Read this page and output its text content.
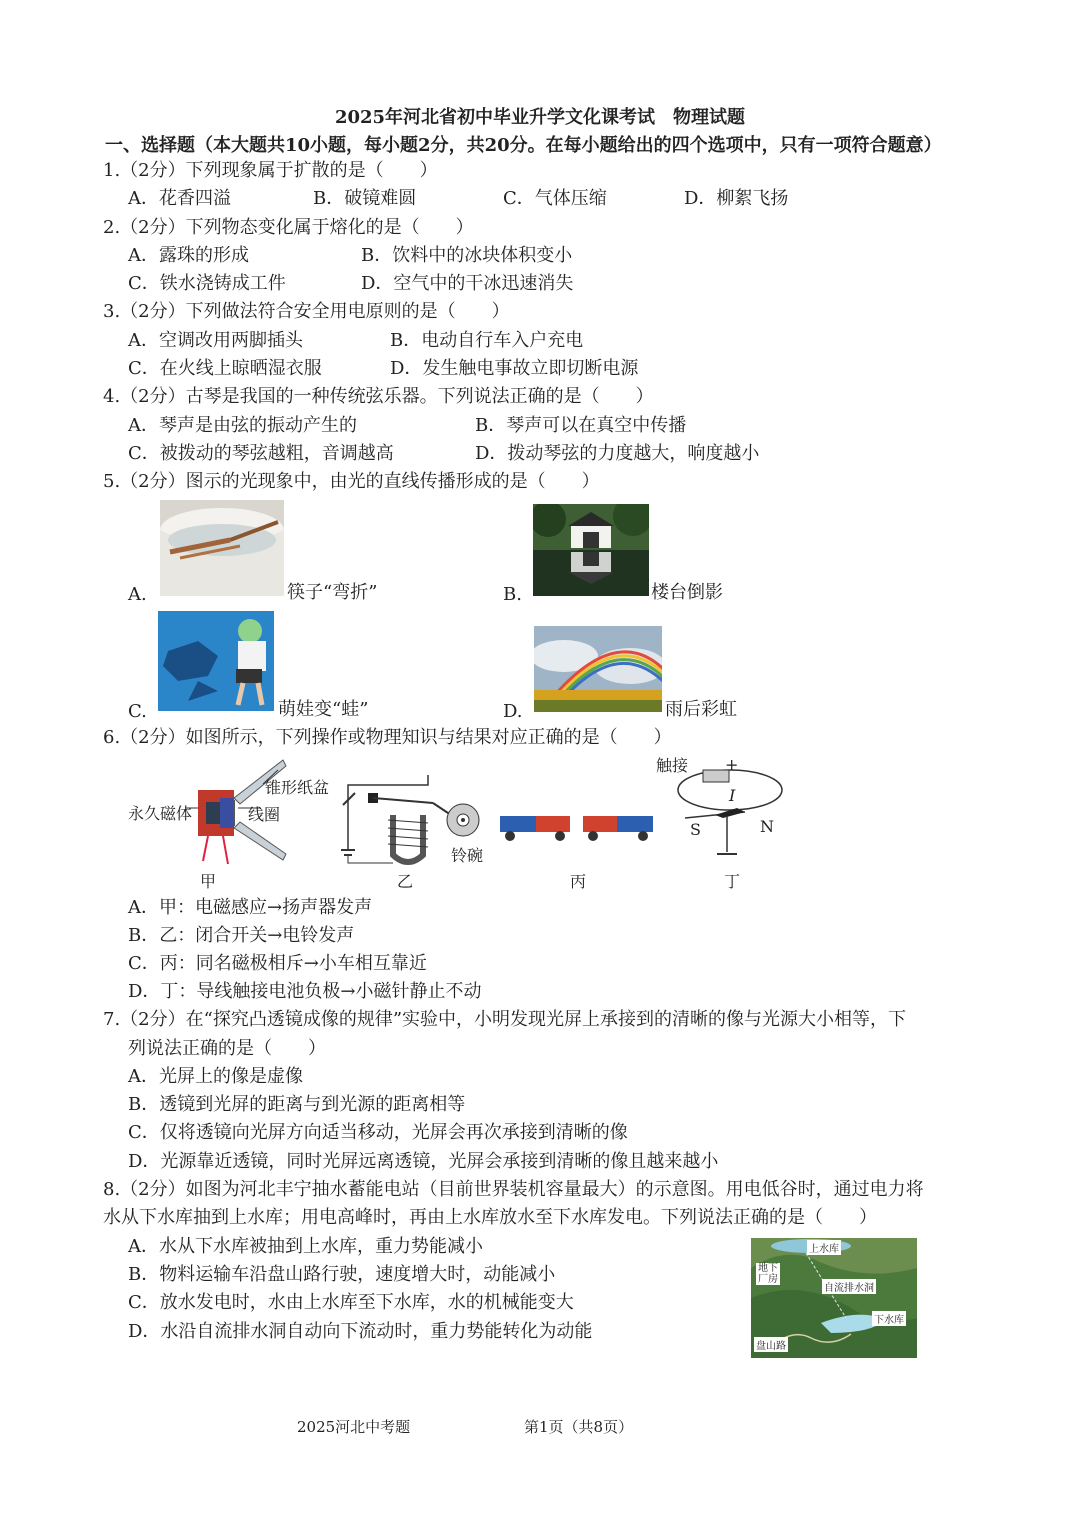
2025年河北省初中毕业升学文化课考试　物理试题
一、选择题（本大题共10小题，每小题2分，共20分。在每小题给出的四个选项中，只有一项符合题意）
1.（2分）下列现象属于扩散的是（　　）
A．花香四溢	B．破镜难圆	C．气体压缩	D．柳絮飞扬
2.（2分）下列物态变化属于熔化的是（　　）
A．露珠的形成	B．饮料中的冰块体积变小
C．铁水浇铸成工件	D．空气中的干冰迅速消失
3.（2分）下列做法符合安全用电原则的是（　　）
A．空调改用两脚插头	B．电动自行车入户充电
C．在火线上晾晒湿衣服	D．发生触电事故立即切断电源
4.（2分）古琴是我国的一种传统弦乐器。下列说法正确的是（　　）
A．琴声是由弦的振动产生的	B．琴声可以在真空中传播
C．被拨动的琴弦越粗，音调越高	D．拨动琴弦的力度越大，响度越小
5.（2分）图示的光现象中，由光的直线传播形成的是（　　）
A.	筷子“弯折”	B.	楼台倒影
C.	萌娃变“蛙”	D.	雨后彩虹
6.（2分）如图所示，下列操作或物理知识与结果对应正确的是（　　）
永久磁体
锥形纸盆
线圈
甲
铃碗
乙	丙
触接 +
I
S	N
丁
A．甲：电磁感应→扬声器发声
B．乙：闭合开关→电铃发声
C．丙：同名磁极相斥→小车相互靠近
D．丁：导线触接电池负极→小磁针静止不动
7.（2分）在“探究凸透镜成像的规律”实验中，小明发现光屏上承接到的清晰的像与光源大小相等，下
列说法正确的是（　　）
A．光屏上的像是虚像
B．透镜到光屏的距离与到光源的距离相等
C．仅将透镜向光屏方向适当移动，光屏会再次承接到清晰的像
D．光源靠近透镜，同时光屏远离透镜，光屏会承接到清晰的像且越来越小
8.（2分）如图为河北丰宁抽水蓄能电站（目前世界装机容量最大）的示意图。用电低谷时，通过电力将
水从下水库抽到上水库；用电高峰时，再由上水库放水至下水库发电。下列说法正确的是（　　）
A．水从下水库被抽到上水库，重力势能减小
B．物料运输车沿盘山路行驶，速度增大时，动能减小
C．放水发电时，水由上水库至下水库，水的机械能变大
D．水沿自流排水洞自动向下流动时，重力势能转化为动能
上水库
地下
厂房
自流排水洞
下水库
盘山路
2025河北中考题	第1页（共8页）
